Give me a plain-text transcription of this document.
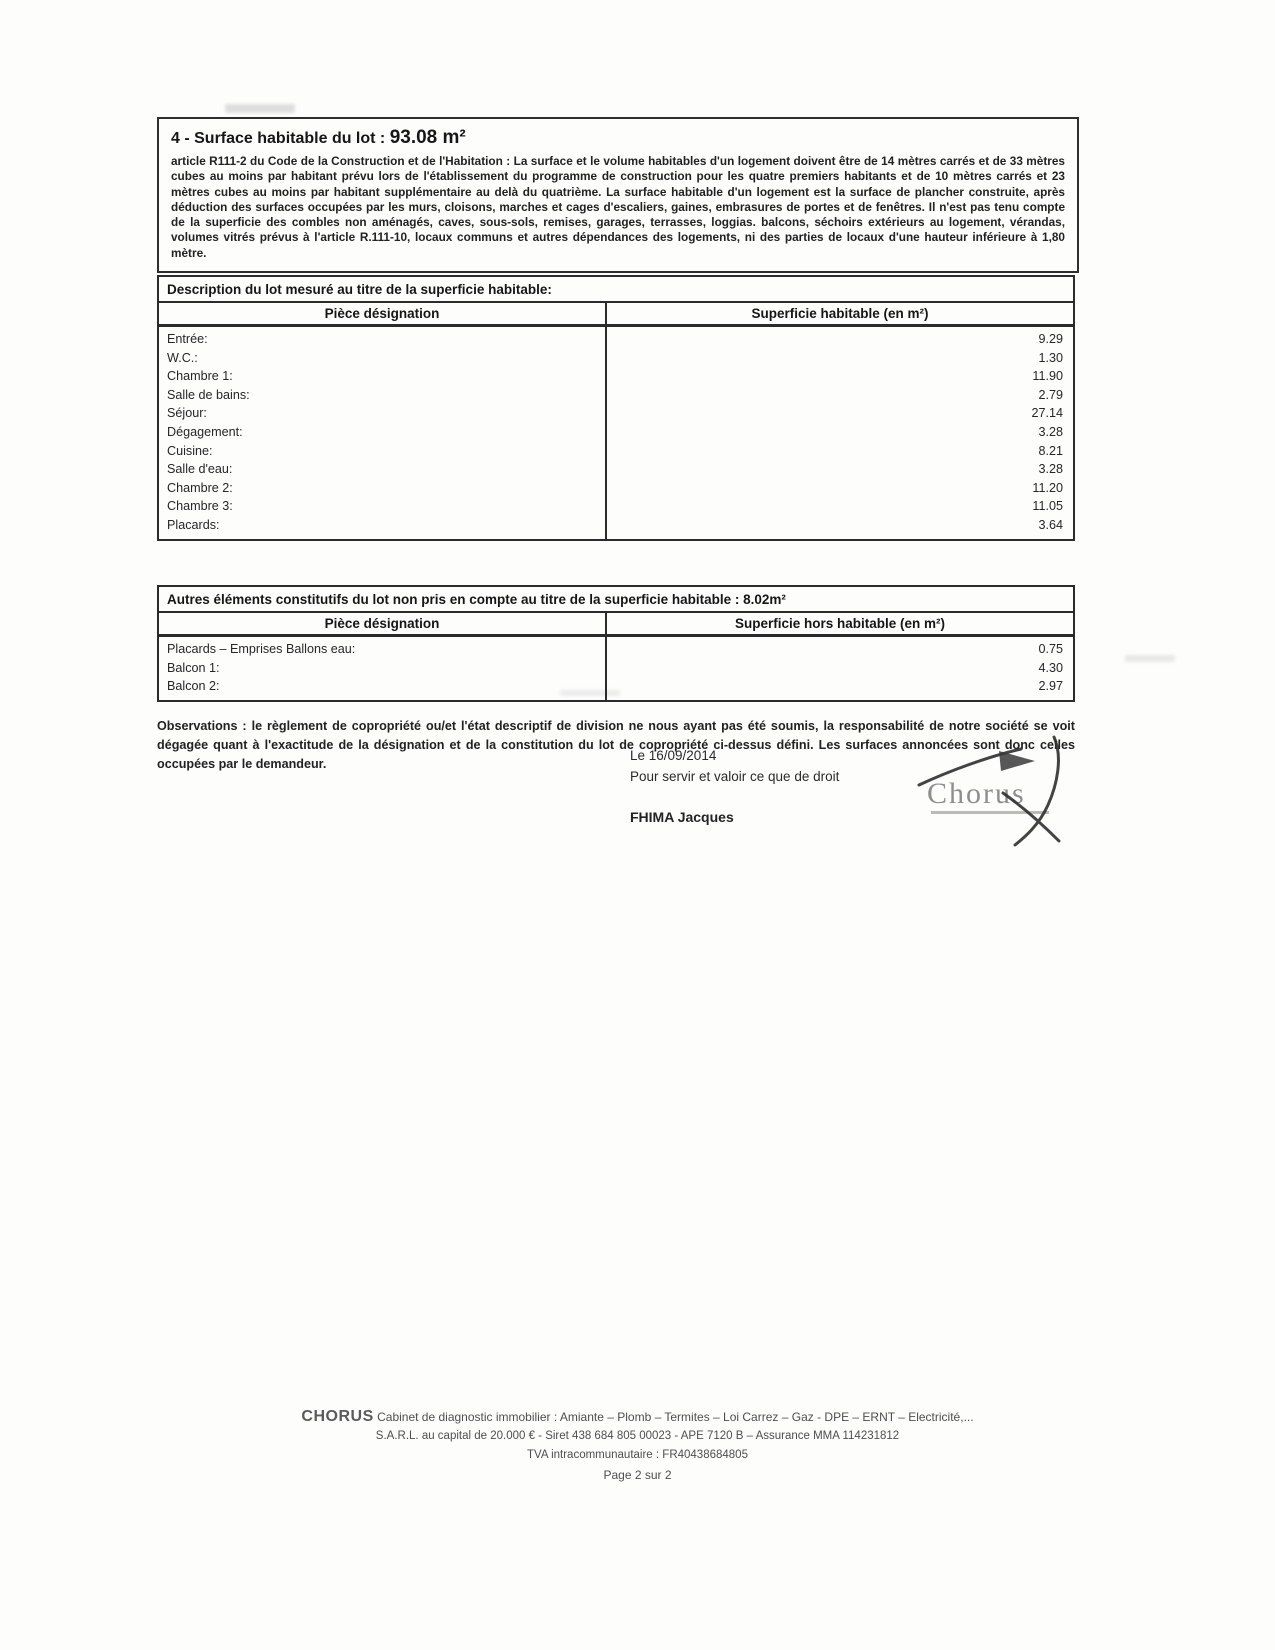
4 - Surface habitable du lot : 93.08 m²

article R111-2 du Code de la Construction et de l'Habitation : La surface et le volume habitables d'un logement doivent être de 14 mètres carrés et de 33 mètres cubes au moins par habitant prévu lors de l'établissement du programme de construction pour les quatre premiers habitants et de 10 mètres carrés et 23 mètres cubes au moins par habitant supplémentaire au delà du quatrième. La surface habitable d'un logement est la surface de plancher construite, après déduction des surfaces occupées par les murs, cloisons, marches et cages d'escaliers, gaines, embrasures de portes et de fenêtres. Il n'est pas tenu compte de la superficie des combles non aménagés, caves, sous-sols, remises, garages, terrasses, loggias. balcons, séchoirs extérieurs au logement, vérandas, volumes vitrés prévus à l'article R.111-10, locaux communs et autres dépendances des logements, ni des parties de locaux d'une hauteur inférieure à 1,80 mètre.

Description du lot mesuré au titre de la superficie habitable:
Pièce désignation	Superficie habitable (en m²)
Entrée:
W.C.:
Chambre 1:
Salle de bains:
Séjour:
Dégagement:
Cuisine:
Salle d'eau:
Chambre 2:
Chambre 3:
Placards:
9.29
1.30
11.90
2.79
27.14
3.28
8.21
3.28
11.20
11.05
3.64
Autres éléments constitutifs du lot non pris en compte au titre de la superficie habitable : 8.02m²
Pièce désignation	Superficie hors habitable (en m²)
Placards – Emprises Ballons eau:
Balcon 1:
Balcon 2:
0.75
4.30
2.97

Observations : le règlement de copropriété ou/et l'état descriptif de division ne nous ayant pas été soumis, la responsabilité de notre société se voit dégagée quant à l'exactitude de la désignation et de la constitution du lot de copropriété ci-dessus défini. Les surfaces annoncées sont donc celles occupées par le demandeur.

Le 16/09/2014
Pour servir et valoir ce que de droit
FHIMA Jacques
Chorus
CHORUS Cabinet de diagnostic immobilier : Amiante – Plomb – Termites – Loi Carrez – Gaz - DPE – ERNT – Electricité,...
S.A.R.L. au capital de 20.000 € - Siret 438 684 805 00023 - APE 7120 B – Assurance MMA 114231812
TVA intracommunautaire : FR40438684805
Page 2 sur 2
